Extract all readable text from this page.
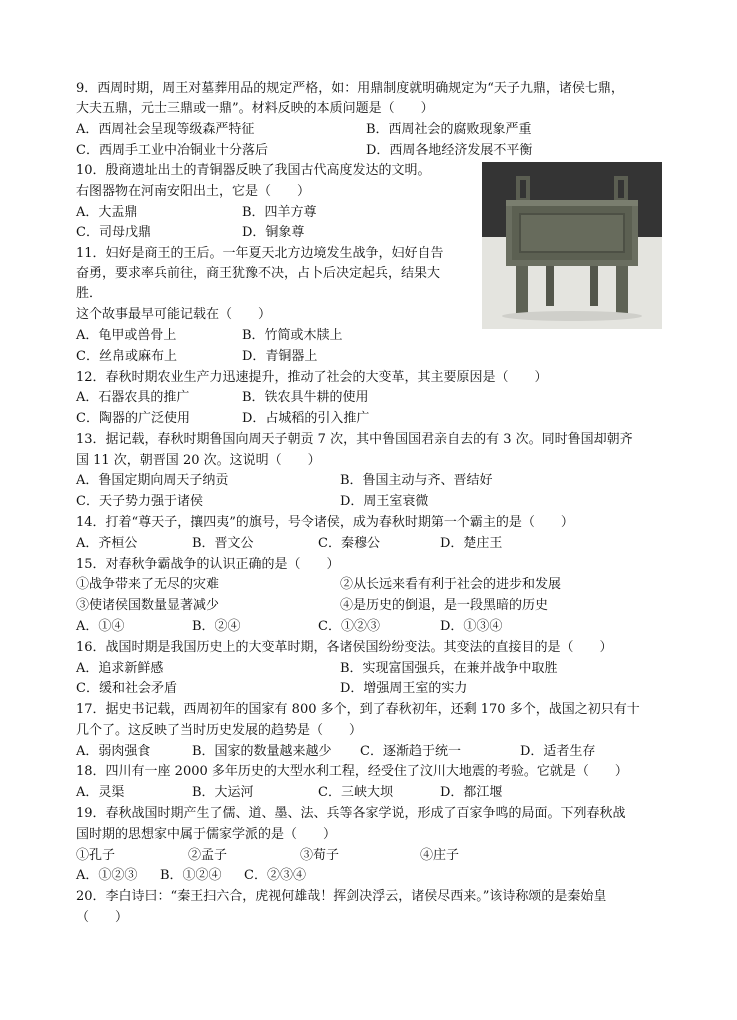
9．西周时期，周王对墓葬用品的规定严格，如：用鼎制度就明确规定为“天子九鼎，诸侯七鼎，
大夫五鼎，元士三鼎或一鼎”。材料反映的本质问题是（　　）
A．西周社会呈现等级森严特征	B．西周社会的腐败现象严重
C．西周手工业中冶铜业十分落后	D．西周各地经济发展不平衡
10．殷商遗址出土的青铜器反映了我国古代高度发达的文明。
右图器物在河南安阳出土，它是（　　）
A．大盂鼎	B．四羊方尊
C．司母戊鼎	D．铜象尊
11．妇好是商王的王后。一年夏天北方边境发生战争，妇好自告
奋勇，要求率兵前往，商王犹豫不决，占卜后决定起兵，结果大
胜．
这个故事最早可能记载在（　　）
A．龟甲或兽骨上	B．竹简或木牍上
C．丝帛或麻布上	D．青铜器上
12．春秋时期农业生产力迅速提升，推动了社会的大变革，其主要原因是（　　）
A．石器农具的推广	B．铁农具牛耕的使用
C．陶器的广泛使用	D．占城稻的引入推广
13．据记载，春秋时期鲁国向周天子朝贡 7 次，其中鲁国国君亲自去的有 3 次。同时鲁国却朝齐
国 11 次，朝晋国 20 次。这说明（　　）
A．鲁国定期向周天子纳贡	B．鲁国主动与齐、晋结好
C．天子势力强于诸侯	D．周王室衰微
14．打着“尊天子，攘四夷”的旗号，号令诸侯，成为春秋时期第一个霸主的是（　　）
A．齐桓公	B．晋文公	C．秦穆公	D．楚庄王
15．对春秋争霸战争的认识正确的是（　　）
①战争带来了无尽的灾难	②从长远来看有利于社会的进步和发展
③使诸侯国数量显著减少	④是历史的倒退，是一段黑暗的历史
A．①④	B．②④	C．①②③	D．①③④
16．战国时期是我国历史上的大变革时期，各诸侯国纷纷变法。其变法的直接目的是（　　）
A．追求新鲜感	B．实现富国强兵，在兼并战争中取胜
C．缓和社会矛盾	D．增强周王室的实力
17．据史书记载，西周初年的国家有 800 多个，到了春秋初年，还剩 170 多个，战国之初只有十
几个了。这反映了当时历史发展的趋势是（　　）
A．弱肉强食	B．国家的数量越来越少 C．逐渐趋于统一	D．适者生存
18．四川有一座 2000 多年历史的大型水利工程，经受住了汶川大地震的考验。它就是（　　）
A．灵渠	B．大运河	C．三峡大坝	D．都江堰
19．春秋战国时期产生了儒、道、墨、法、兵等各家学说，形成了百家争鸣的局面。下列春秋战
国时期的思想家中属于儒家学派的是（　　）
①孔子	②孟子	③荀子	④庄子
A．①②③ B．①②④ C．②③④
20．李白诗曰：“秦王扫六合，虎视何雄哉！挥剑决浮云，诸侯尽西来。”该诗称颂的是秦始皇
（　　）
